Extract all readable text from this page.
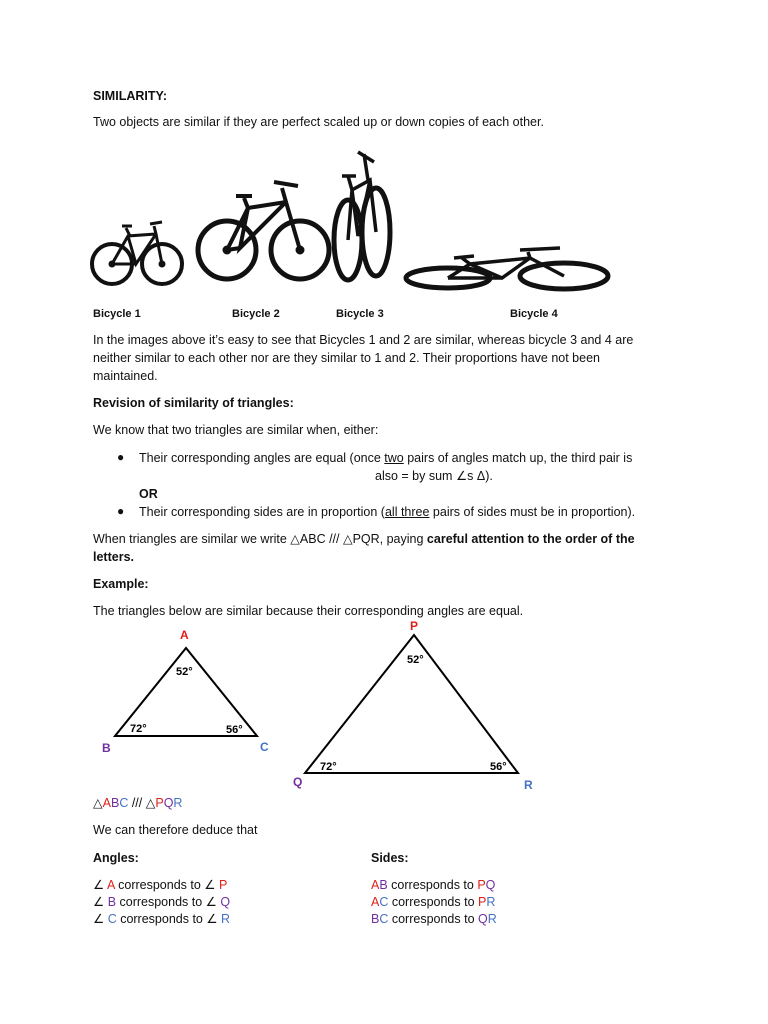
SIMILARITY:
Two objects are similar if they are perfect scaled up or down copies of each other.
Bicycle 1	Bicycle 2	Bicycle 3	Bicycle 4
In the images above it’s easy to see that Bicycles 1 and 2 are similar, whereas bicycle 3 and 4 are
neither similar to each other nor are they similar to 1 and 2. Their proportions have not been
maintained.
Revision of similarity of triangles:
We know that two triangles are similar when, either:
● Their corresponding angles are equal (once two pairs of angles match up, the third pair is
also = by sum ∠s Δ).
OR
● Their corresponding sides are in proportion (all three pairs of sides must be in proportion).
When triangles are similar we write △ABC /// △PQR, paying careful attention to the order of the
letters.
Example:
The triangles below are similar because their corresponding angles are equal.
A
B	C
52°
72°	56°
P
Q	R
52°
72°	56°
△ABC /// △PQR
We can therefore deduce that
Angles:	Sides:
∠ A corresponds to ∠ P
∠ B corresponds to ∠ Q
∠ C corresponds to ∠ R
AB corresponds to PQ
AC corresponds to PR
BC corresponds to QR
